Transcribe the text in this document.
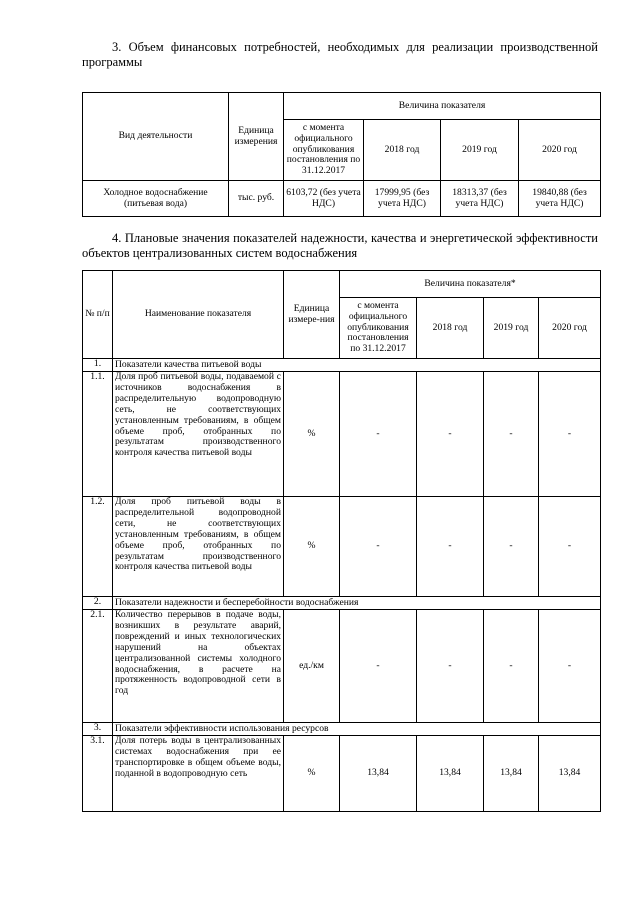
3. Объем финансовых потребностей, необходимых для реализации производственной программы

Вид деятельности	Единица измерения	Величина показателя			
		с момента официального опубликования постановления по 31.12.2017	2018 год	2019 год	2020 год
Холодное водоснабжение (питьевая вода)	тыс. руб.	6103,72 (без учета НДС)	17999,95 (без учета НДС)	18313,37 (без учета НДС)	19840,88 (без учета НДС)

4. Плановые значения показателей надежности, качества и энергетической эффективности объектов централизованных систем водоснабжения

№ п/п	Наименование показателя	Единица измере-ния	Величина показателя*			
			с момента официального опубликования постановления по 31.12.2017	2018 год	2019 год	2020 год
1.	Показатели качества питьевой воды					
1.1.	Доля проб питьевой воды, подаваемой с источников водоснабжения в распределительную водопроводную сеть, не соответствующих установленным требованиям, в общем объеме проб, отобранных по результатам производственного контроля качества питьевой воды	%	-	-	-	-
1.2.	Доля проб питьевой воды в распределительной водопроводной сети, не соответствующих установленным требованиям, в общем объеме проб, отобранных по результатам производственного контроля качества питьевой воды	%	-	-	-	-
2.	Показатели надежности и бесперебойности водоснабжения					
2.1.	Количество перерывов в подаче воды, возникших в результате аварий, повреждений и иных технологических нарушений на объектах централизованной системы холодного водоснабжения, в расчете на протяженность водопроводной сети в год	ед./км	-	-	-	-
3.	Показатели эффективности использования ресурсов					
3.1.	Доля потерь воды в централизованных системах водоснабжения при ее транспортировке в общем объеме воды, поданной в водопроводную сеть	%	13,84	13,84	13,84	13,84
